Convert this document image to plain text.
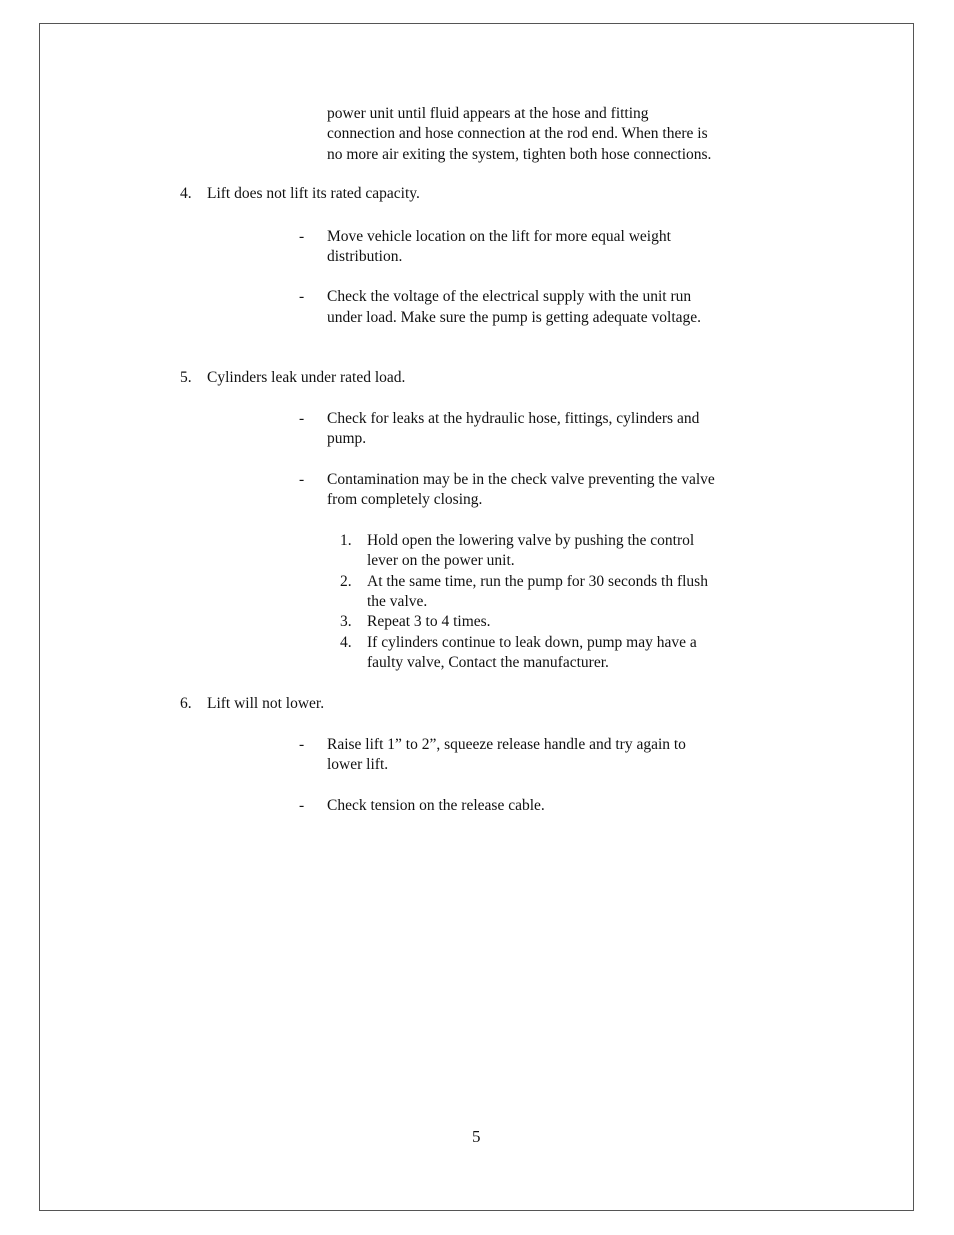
power unit until fluid appears at the hose and fitting

connection and hose connection at the rod end. When there is

no more air exiting the system, tighten both hose connections.

4. Lift does not lift its rated capacity.

- Move vehicle location on the lift for more equal weight

distribution.

- Check the voltage of the electrical supply with the unit run

under load. Make sure the pump is getting adequate voltage.

5. Cylinders leak under rated load.

- Check for leaks at the hydraulic hose, fittings, cylinders and

pump.

- Contamination may be in the check valve preventing the valve

from completely closing.

1. Hold open the lowering valve by pushing the control

lever on the power unit.

2. At the same time, run the pump for 30 seconds th flush

the valve.

3. Repeat 3 to 4 times.

4. If cylinders continue to leak down, pump may have a

faulty valve, Contact the manufacturer.

6. Lift will not lower.

- Raise lift 1” to 2”, squeeze release handle and try again to

lower lift.

- Check tension on the release cable.

5
